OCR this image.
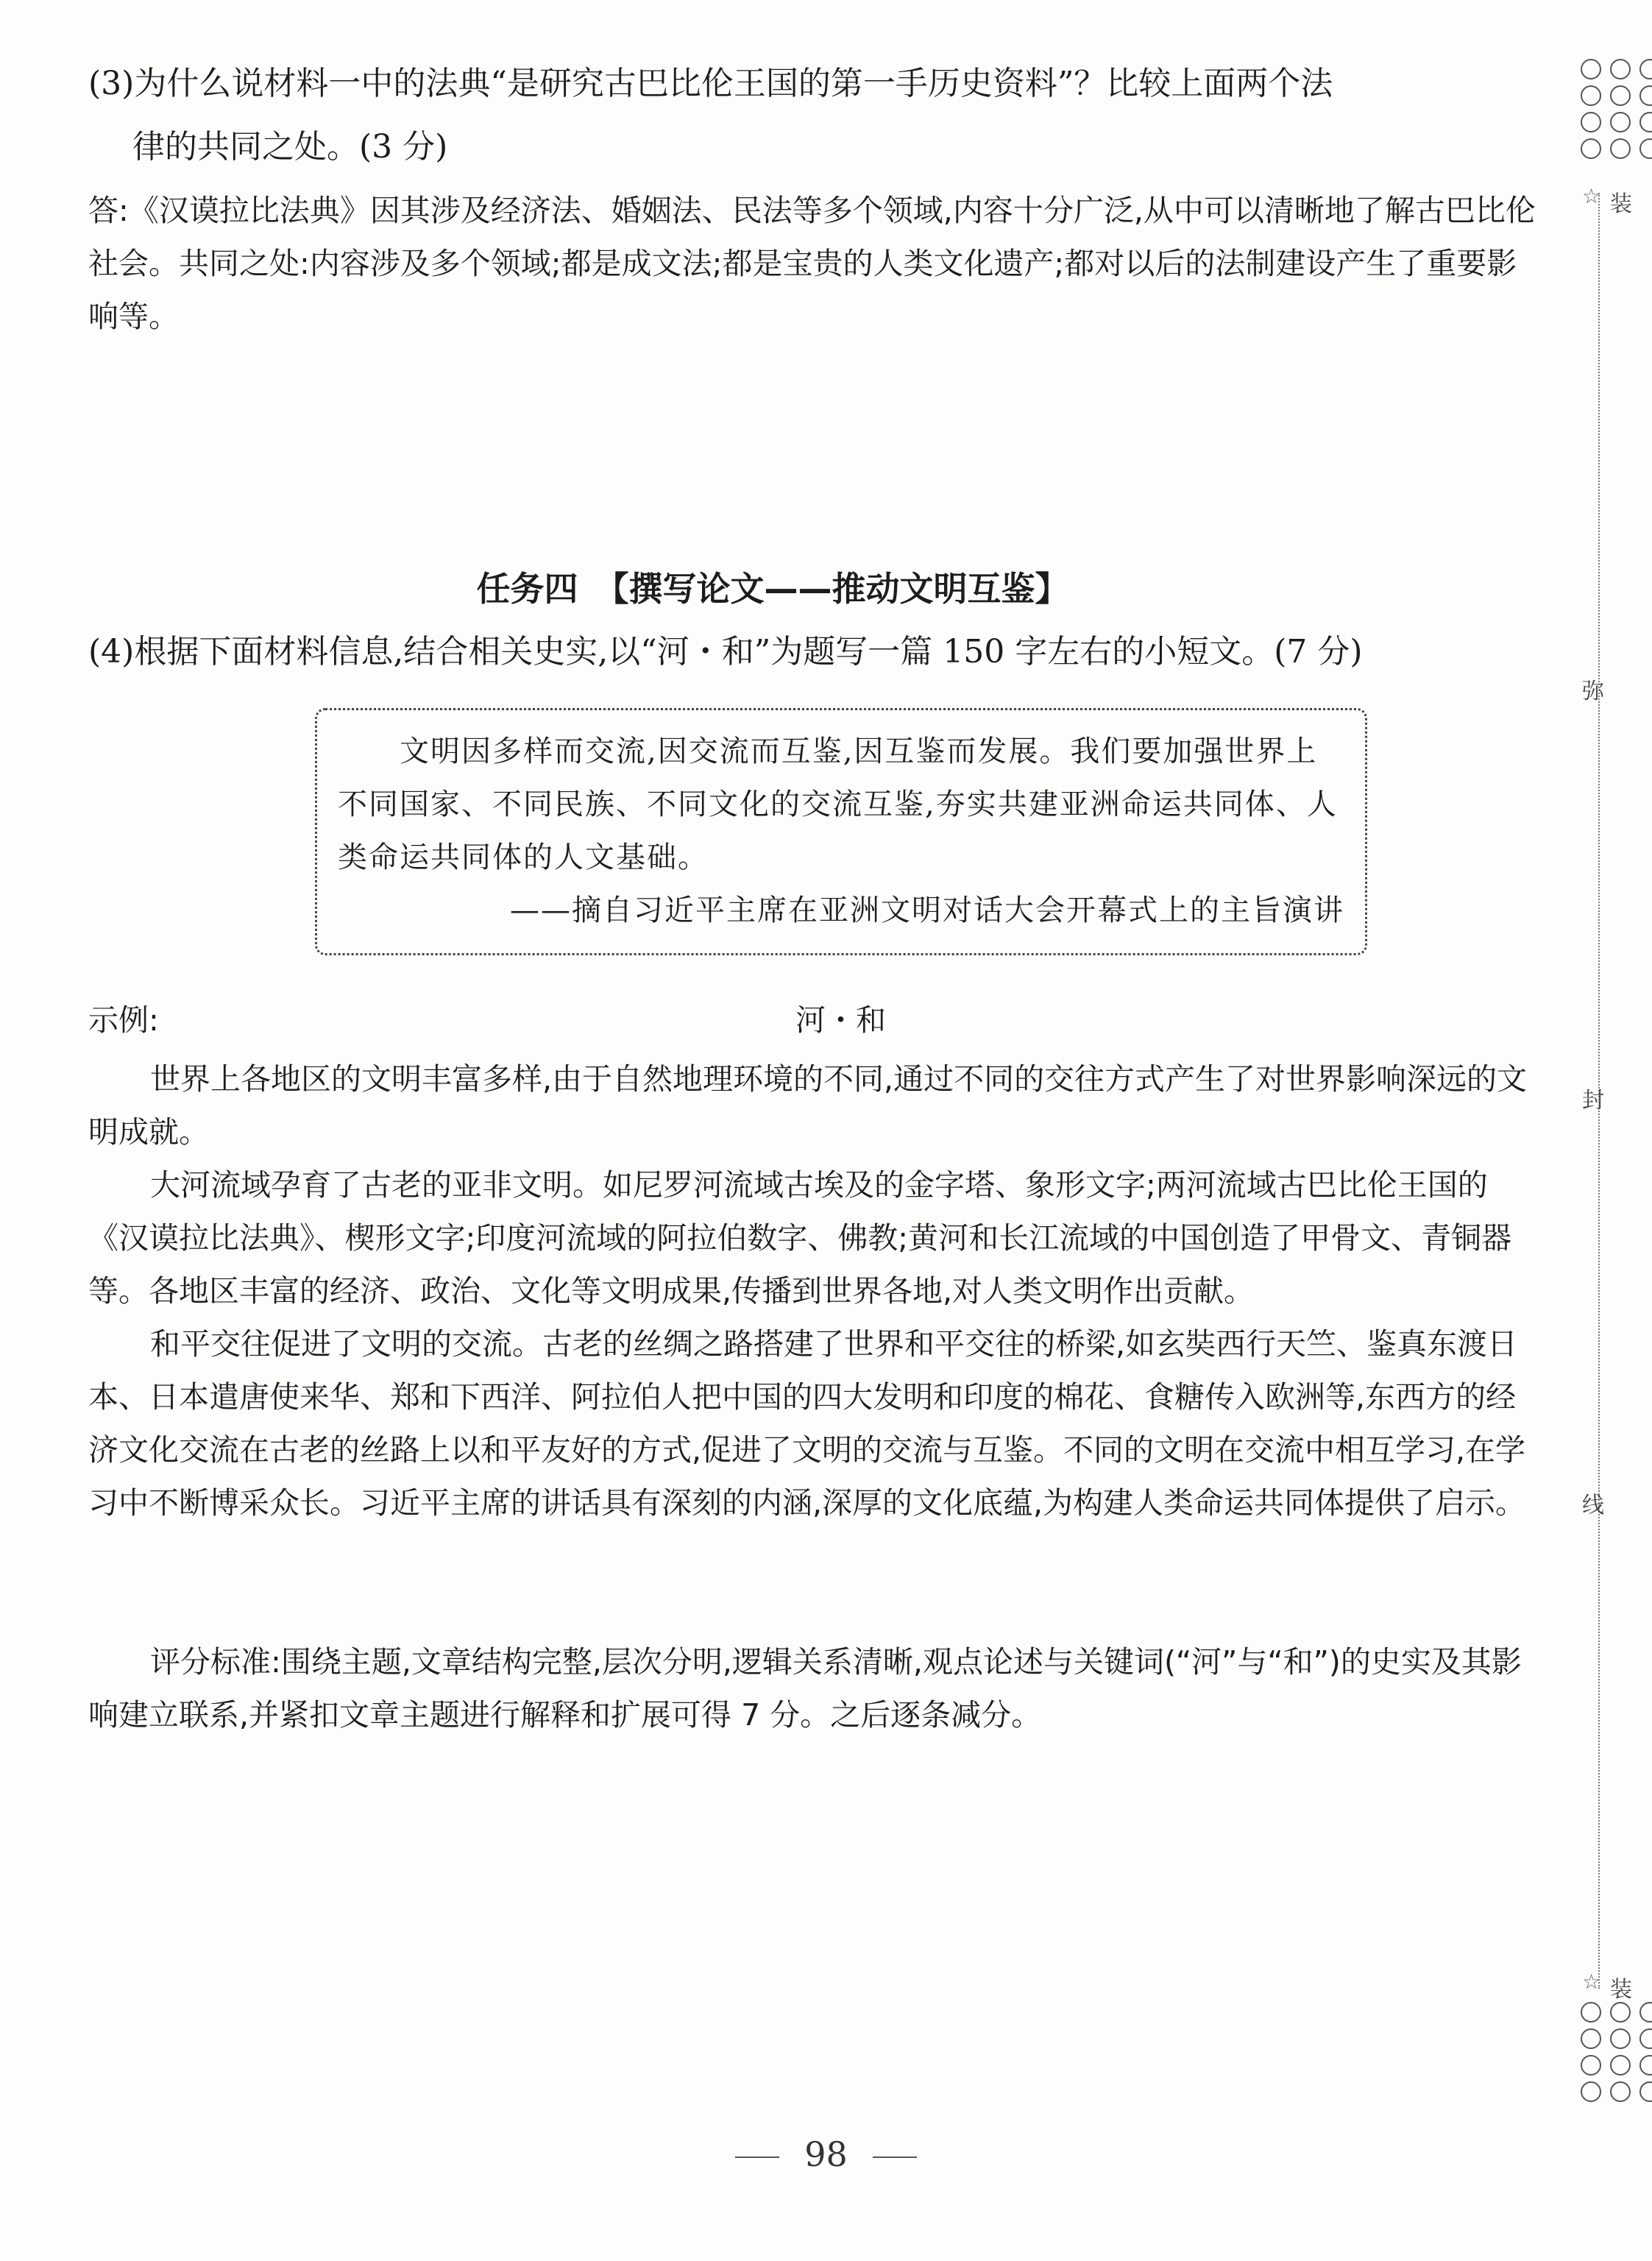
(3)为什么说材料一中的法典“是研究古巴比伦王国的第一手历史资料”？比较上面两个法
律的共同之处。(3 分)
答:《汉谟拉比法典》因其涉及经济法、婚姻法、民法等多个领域,内容十分广泛,从中可以清晰地了解古巴比伦社会。共同之处:内容涉及多个领域;都是成文法;都是宝贵的人类文化遗产;都对以后的法制建设产生了重要影响等。
任务四　【撰写论文——推动文明互鉴】
(4)根据下面材料信息,结合相关史实,以“河・和”为题写一篇 150 字左右的小短文。(7 分)
文明因多样而交流,因交流而互鉴,因互鉴而发展。我们要加强世界上不同国家、不同民族、不同文化的交流互鉴,夯实共建亚洲命运共同体、人类命运共同体的人文基础。
——摘自习近平主席在亚洲文明对话大会开幕式上的主旨演讲
示例:	河・和
世界上各地区的文明丰富多样,由于自然地理环境的不同,通过不同的交往方式产生了对世界影响深远的文明成就。
大河流域孕育了古老的亚非文明。如尼罗河流域古埃及的金字塔、象形文字;两河流域古巴比伦王国的《汉谟拉比法典》、楔形文字;印度河流域的阿拉伯数字、佛教;黄河和长江流域的中国创造了甲骨文、青铜器等。各地区丰富的经济、政治、文化等文明成果,传播到世界各地,对人类文明作出贡献。
和平交往促进了文明的交流。古老的丝绸之路搭建了世界和平交往的桥梁,如玄奘西行天竺、鉴真东渡日本、日本遣唐使来华、郑和下西洋、阿拉伯人把中国的四大发明和印度的棉花、食糖传入欧洲等,东西方的经济文化交流在古老的丝路上以和平友好的方式,促进了文明的交流与互鉴。不同的文明在交流中相互学习,在学习中不断博采众长。习近平主席的讲话具有深刻的内涵,深厚的文化底蕴,为构建人类命运共同体提供了启示。
评分标准:围绕主题,文章结构完整,层次分明,逻辑关系清晰,观点论述与关键词(“河”与“和”)的史实及其影响建立联系,并紧扣文章主题进行解释和扩展可得 7 分。之后逐条减分。
98
☆ 装
弥
封
线
☆ 装
